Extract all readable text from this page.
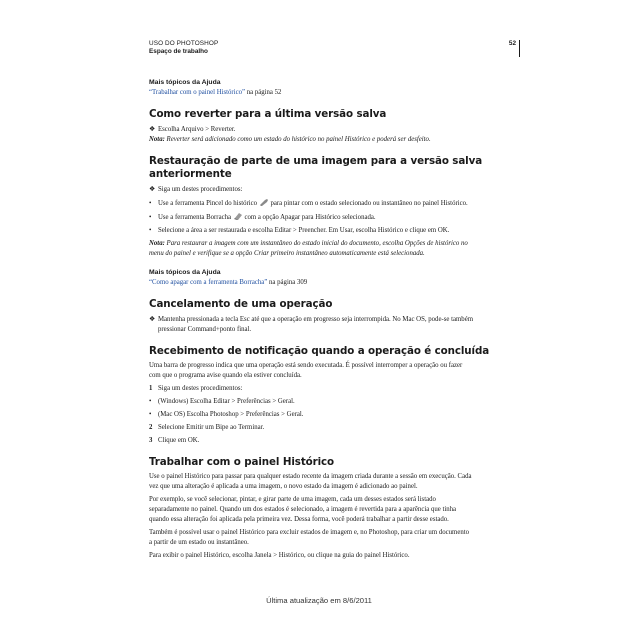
USO DO PHOTOSHOP
Espaço de trabalho
52

Mais tópicos da Ajuda

“Trabalhar com o painel Histórico” na página 52

Como reverter para a última versão salva

❖ Escolha Arquivo > Reverter.

Nota: Reverter será adicionado como um estado do histórico no painel Histórico e poderá ser desfeito.

Restauração de parte de uma imagem para a versão salva anteriormente

❖ Siga um destes procedimentos:

• Use a ferramenta Pincel do histórico para pintar com o estado selecionado ou instantâneo no painel Histórico.

• Use a ferramenta Borracha com a opção Apagar para Histórico selecionada.

• Selecione a área a ser restaurada e escolha Editar > Preencher. Em Usar, escolha Histórico e clique em OK.

Nota: Para restaurar a imagem com um instantâneo do estado inicial do documento, escolha Opções de histórico no

menu do painel e verifique se a opção Criar primeiro instantâneo automaticamente está selecionada.

Mais tópicos da Ajuda

“Como apagar com a ferramenta Borracha” na página 309

Cancelamento de uma operação

❖ Mantenha pressionada a tecla Esc até que a operação em progresso seja interrompida. No Mac OS, pode-se também

pressionar Command+ponto final.

Recebimento de notificação quando a operação é concluída

Uma barra de progresso indica que uma operação está sendo executada. É possível interromper a operação ou fazer

com que o programa avise quando ela estiver concluída.

1 Siga um destes procedimentos:

• (Windows) Escolha Editar > Preferências > Geral.

• (Mac OS) Escolha Photoshop > Preferências > Geral.

2 Selecione Emitir um Bipe ao Terminar.

3 Clique em OK.

Trabalhar com o painel Histórico

Use o painel Histórico para passar para qualquer estado recente da imagem criada durante a sessão em execução. Cada

vez que uma alteração é aplicada a uma imagem, o novo estado da imagem é adicionado ao painel.

Por exemplo, se você selecionar, pintar, e girar parte de uma imagem, cada um desses estados será listado

separadamente no painel. Quando um dos estados é selecionado, a imagem é revertida para a aparência que tinha

quando essa alteração foi aplicada pela primeira vez. Dessa forma, você poderá trabalhar a partir desse estado.

Também é possível usar o painel Histórico para excluir estados de imagem e, no Photoshop, para criar um documento

a partir de um estado ou instantâneo.

Para exibir o painel Histórico, escolha Janela > Histórico, ou clique na guia do painel Histórico.

Última atualização em 8/6/2011
